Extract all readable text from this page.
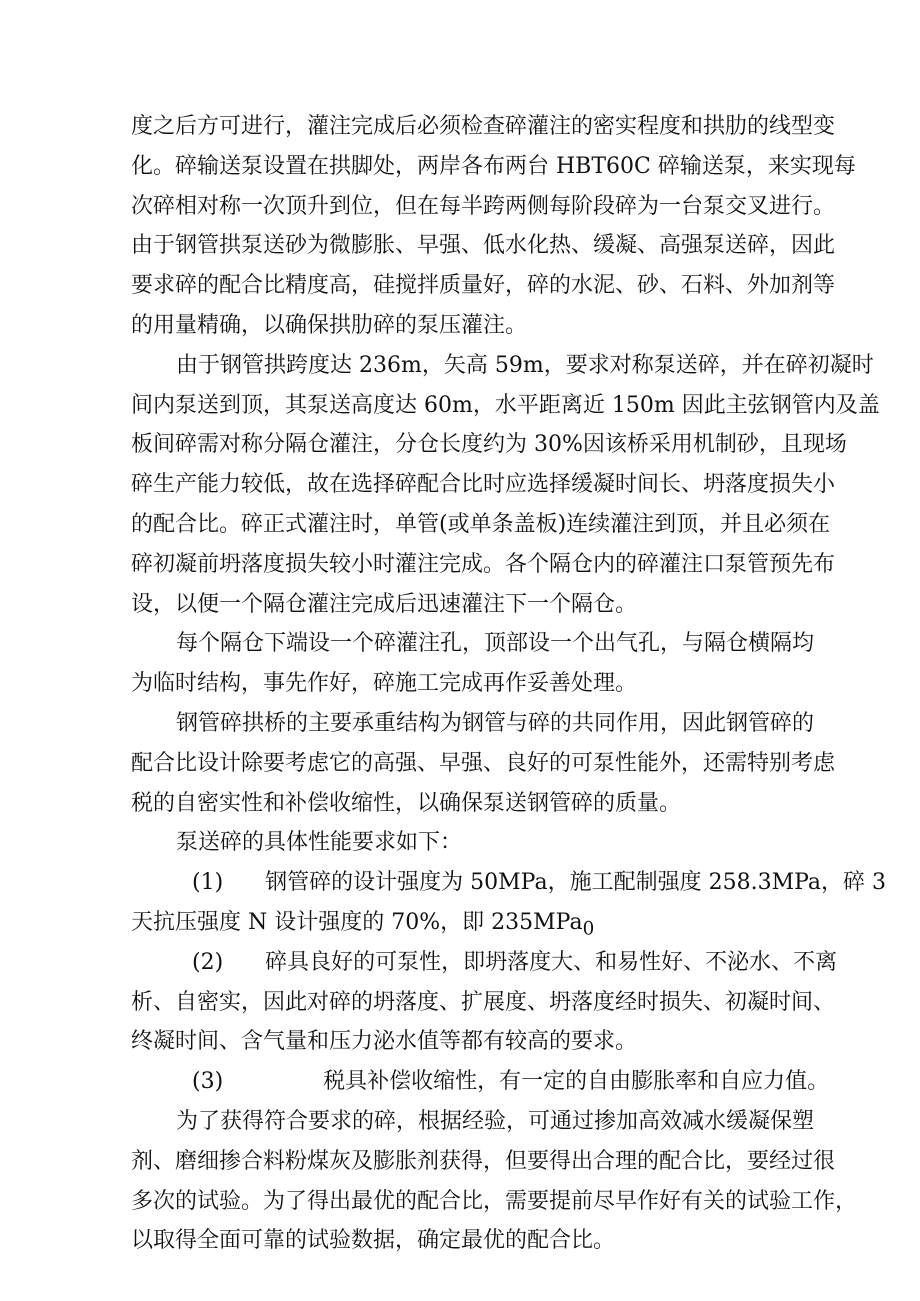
度之后方可进行，灌注完成后必须检查碎灌注的密实程度和拱肋的线型变
化。碎输送泵设置在拱脚处，两岸各布两台 HBT60C 碎输送泵，来实现每
次碎相对称一次顶升到位，但在每半跨两侧每阶段碎为一台泵交叉进行。
由于钢管拱泵送砂为微膨胀、早强、低水化热、缓凝、高强泵送碎，因此
要求碎的配合比精度高，硅搅拌质量好，碎的水泥、砂、石料、外加剂等
的用量精确，以确保拱肋碎的泵压灌注。
由于钢管拱跨度达 236m，矢高 59m，要求对称泵送碎，并在碎初凝时
间内泵送到顶，其泵送高度达 60m，水平距离近 150m 因此主弦钢管内及盖
板间碎需对称分隔仓灌注，分仓长度约为 30%因该桥采用机制砂，且现场
碎生产能力较低，故在选择碎配合比时应选择缓凝时间长、坍落度损失小
的配合比。碎正式灌注时，单管(或单条盖板)连续灌注到顶，并且必须在
碎初凝前坍落度损失较小时灌注完成。各个隔仓内的碎灌注口泵管预先布
设，以便一个隔仓灌注完成后迅速灌注下一个隔仓。
每个隔仓下端设一个碎灌注孔，顶部设一个出气孔，与隔仓横隔均
为临时结构，事先作好，碎施工完成再作妥善处理。
钢管碎拱桥的主要承重结构为钢管与碎的共同作用，因此钢管碎的
配合比设计除要考虑它的高强、早强、良好的可泵性能外，还需特别考虑
税的自密实性和补偿收缩性，以确保泵送钢管碎的质量。
泵送碎的具体性能要求如下：
(1) 钢管碎的设计强度为 50MPa，施工配制强度 258.3MPa，碎 3
天抗压强度 N 设计强度的 70%，即 235MPa$_0$
(2) 碎具良好的可泵性，即坍落度大、和易性好、不泌水、不离
析、自密实，因此对碎的坍落度、扩展度、坍落度经时损失、初凝时间、
终凝时间、含气量和压力泌水值等都有较高的要求。
(3)	税具补偿收缩性，有一定的自由膨胀率和自应力值。
为了获得符合要求的碎，根据经验，可通过掺加高效减水缓凝保塑
剂、磨细掺合料粉煤灰及膨胀剂获得，但要得出合理的配合比，要经过很
多次的试验。为了得出最优的配合比，需要提前尽早作好有关的试验工作，
以取得全面可靠的试验数据，确定最优的配合比。
